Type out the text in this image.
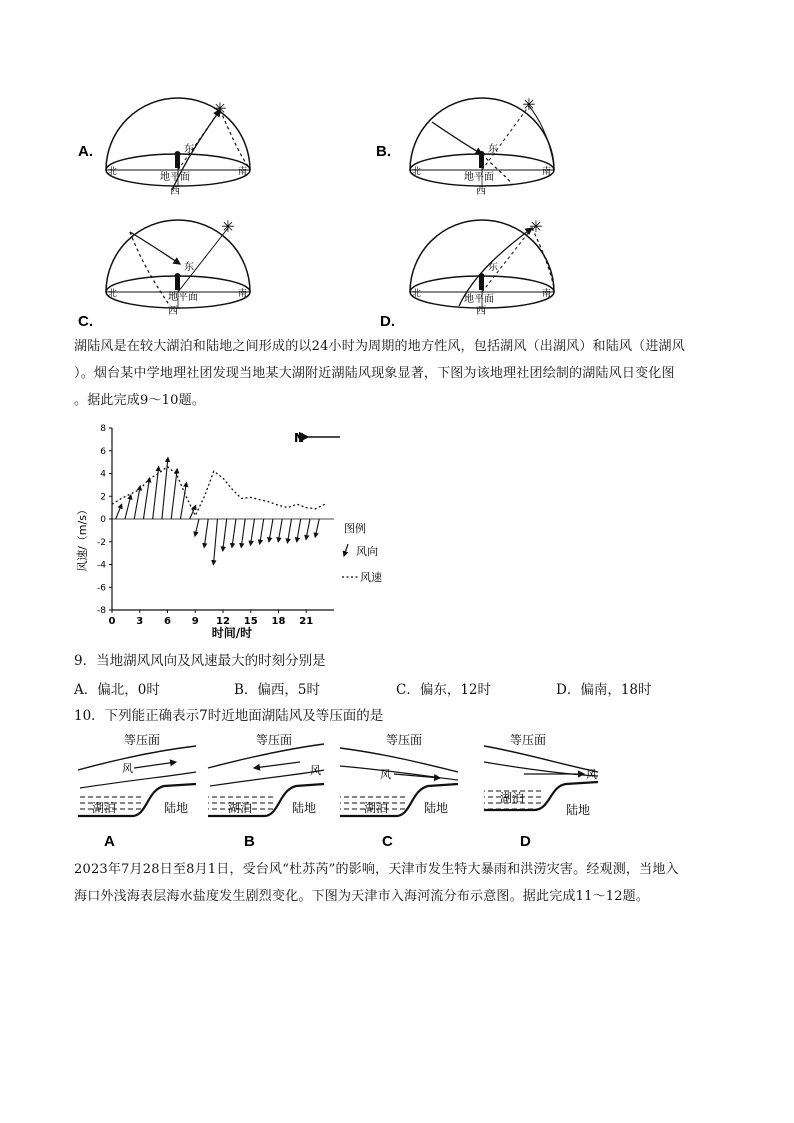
✳
A.	东
地平面
西
北	南
✳
B.	东
地平面
西
北	南
✳
C.
东
地平面
西
北	南
✳
D.
东
地平面
西
北	南
湖陆风是在较大湖泊和陆地之间形成的以24小时为周期的地方性风，包括湖风（出湖风）和陆风（进湖风
）。烟台某中学地理社团发现当地某大湖附近湖陆风现象显著，下图为该地理社团绘制的湖陆风日变化图
。据此完成9～10题。
8
6
4
2
0
-2
-4
-6
-8
0 3 6 9 12 15 18 21
风速/（m/s）
时间/时
N
图例
风向
风速
9．当地湖风风向及风速最大的时刻分别是
A．偏北，0时	B．偏西，5时	C．偏东，12时	D．偏南，18时
10．下列能正确表示7时近地面湖陆风及等压面的是
等压面
风
湖泊	陆地
A
等压面
风
湖泊	陆地
B
等压面
风
湖泊	陆地
C
等压面
风
湖泊
陆地
D
2023年7月28日至8月1日，受台风“杜苏芮”的影响，天津市发生特大暴雨和洪涝灾害。经观测，当地入
海口外浅海表层海水盐度发生剧烈变化。下图为天津市入海河流分布示意图。据此完成11～12题。
